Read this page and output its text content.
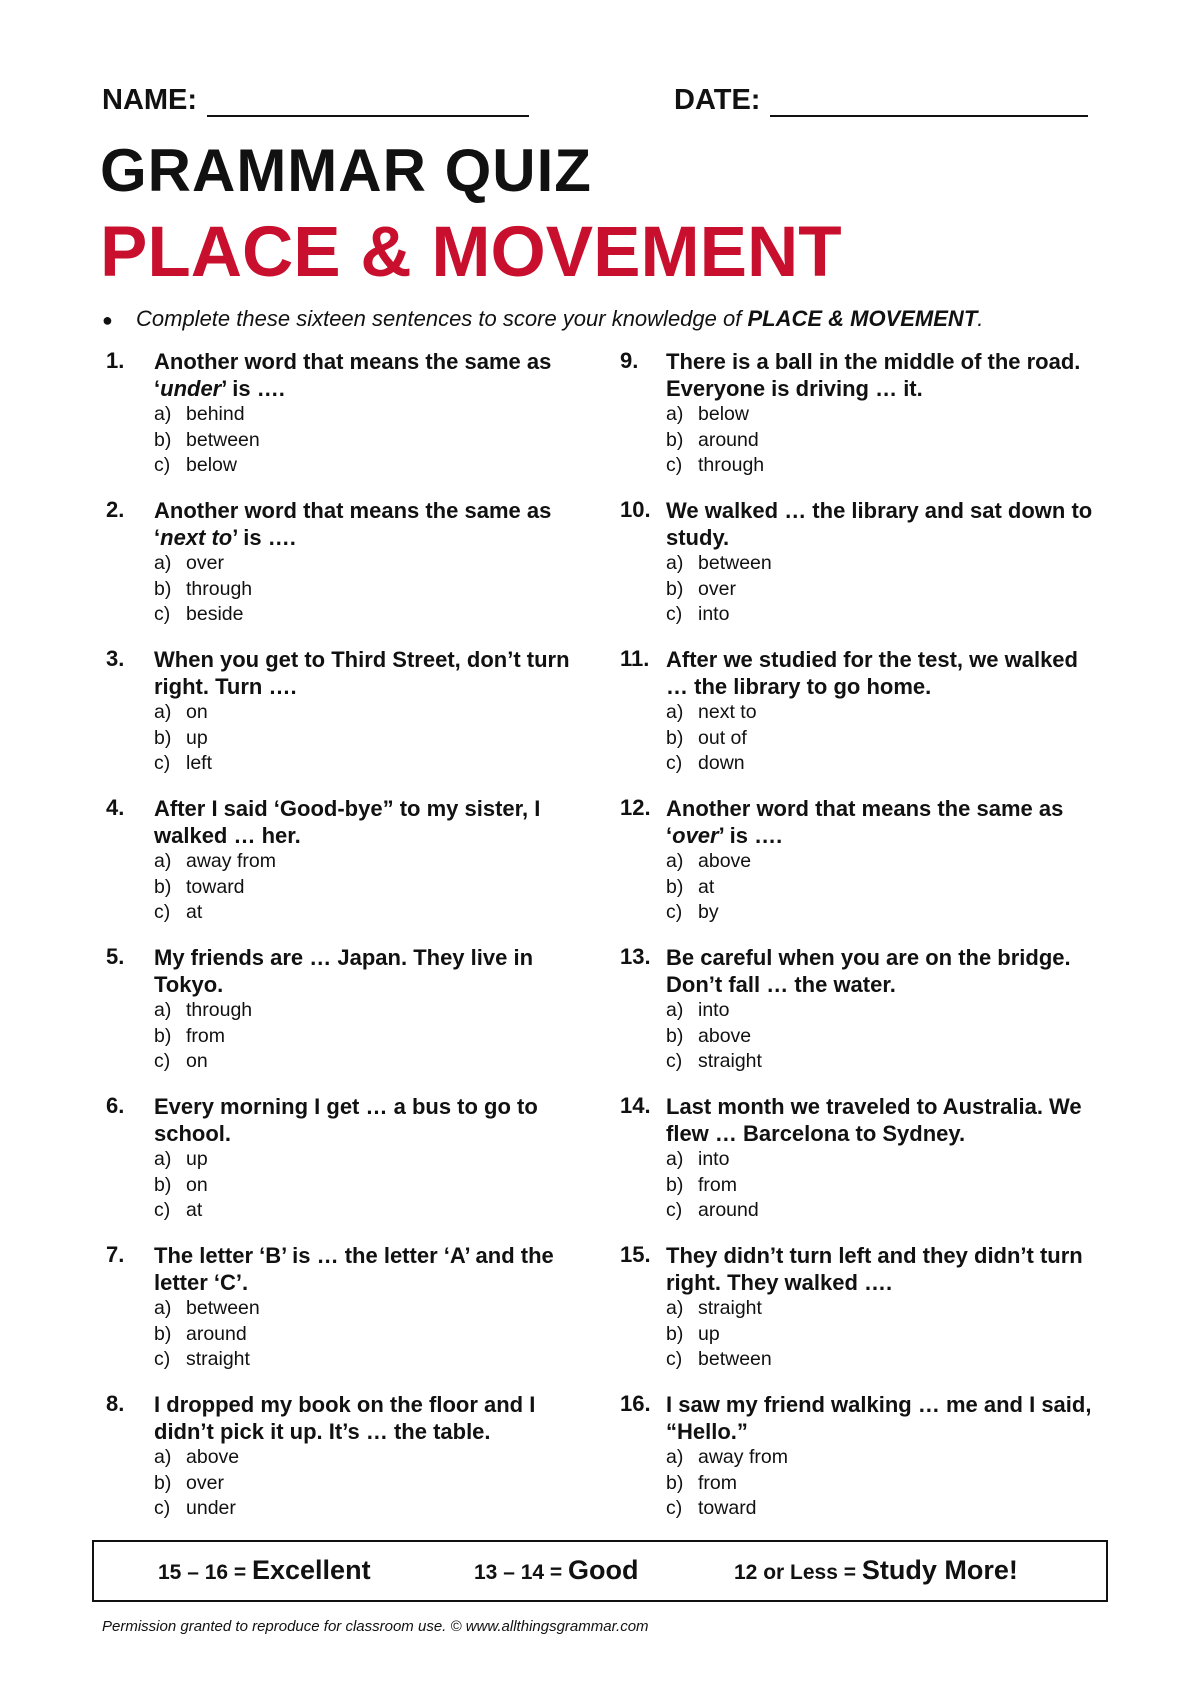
NAME:	DATE:
GRAMMAR QUIZ
PLACE & MOVEMENT
● Complete these sixteen sentences to score your knowledge of PLACE & MOVEMENT.
1. Another word that means the same as ‘under’ is ….
a) behind
b) between
c) below
2. Another word that means the same as ‘next to’ is ….
a) over
b) through
c) beside
3. When you get to Third Street, don’t turn right. Turn ….
a) on
b) up
c) left
4. After I said ‘Good-bye” to my sister, I walked … her.
a) away from
b) toward
c) at
5. My friends are … Japan. They live in Tokyo.
a) through
b) from
c) on
6. Every morning I get … a bus to go to school.
a) up
b) on
c) at
7. The letter ‘B’ is … the letter ‘A’ and the letter ‘C’.
a) between
b) around
c) straight
8. I dropped my book on the floor and I didn’t pick it up. It’s … the table.
a) above
b) over
c) under
9. There is a ball in the middle of the road. Everyone is driving … it.
a) below
b) around
c) through
10. We walked … the library and sat down to study.
a) between
b) over
c) into
11. After we studied for the test, we walked … the library to go home.
a) next to
b) out of
c) down
12. Another word that means the same as ‘over’ is ….
a) above
b) at
c) by
13. Be careful when you are on the bridge. Don’t fall … the water.
a) into
b) above
c) straight
14. Last month we traveled to Australia. We flew … Barcelona to Sydney.
a) into
b) from
c) around
15. They didn’t turn left and they didn’t turn right. They walked ….
a) straight
b) up
c) between
16. I saw my friend walking … me and I said, “Hello.”
a) away from
b) from
c) toward
15 – 16 = Excellent	13 – 14 = Good	12 or Less = Study More!
Permission granted to reproduce for classroom use. © www.allthingsgrammar.com
